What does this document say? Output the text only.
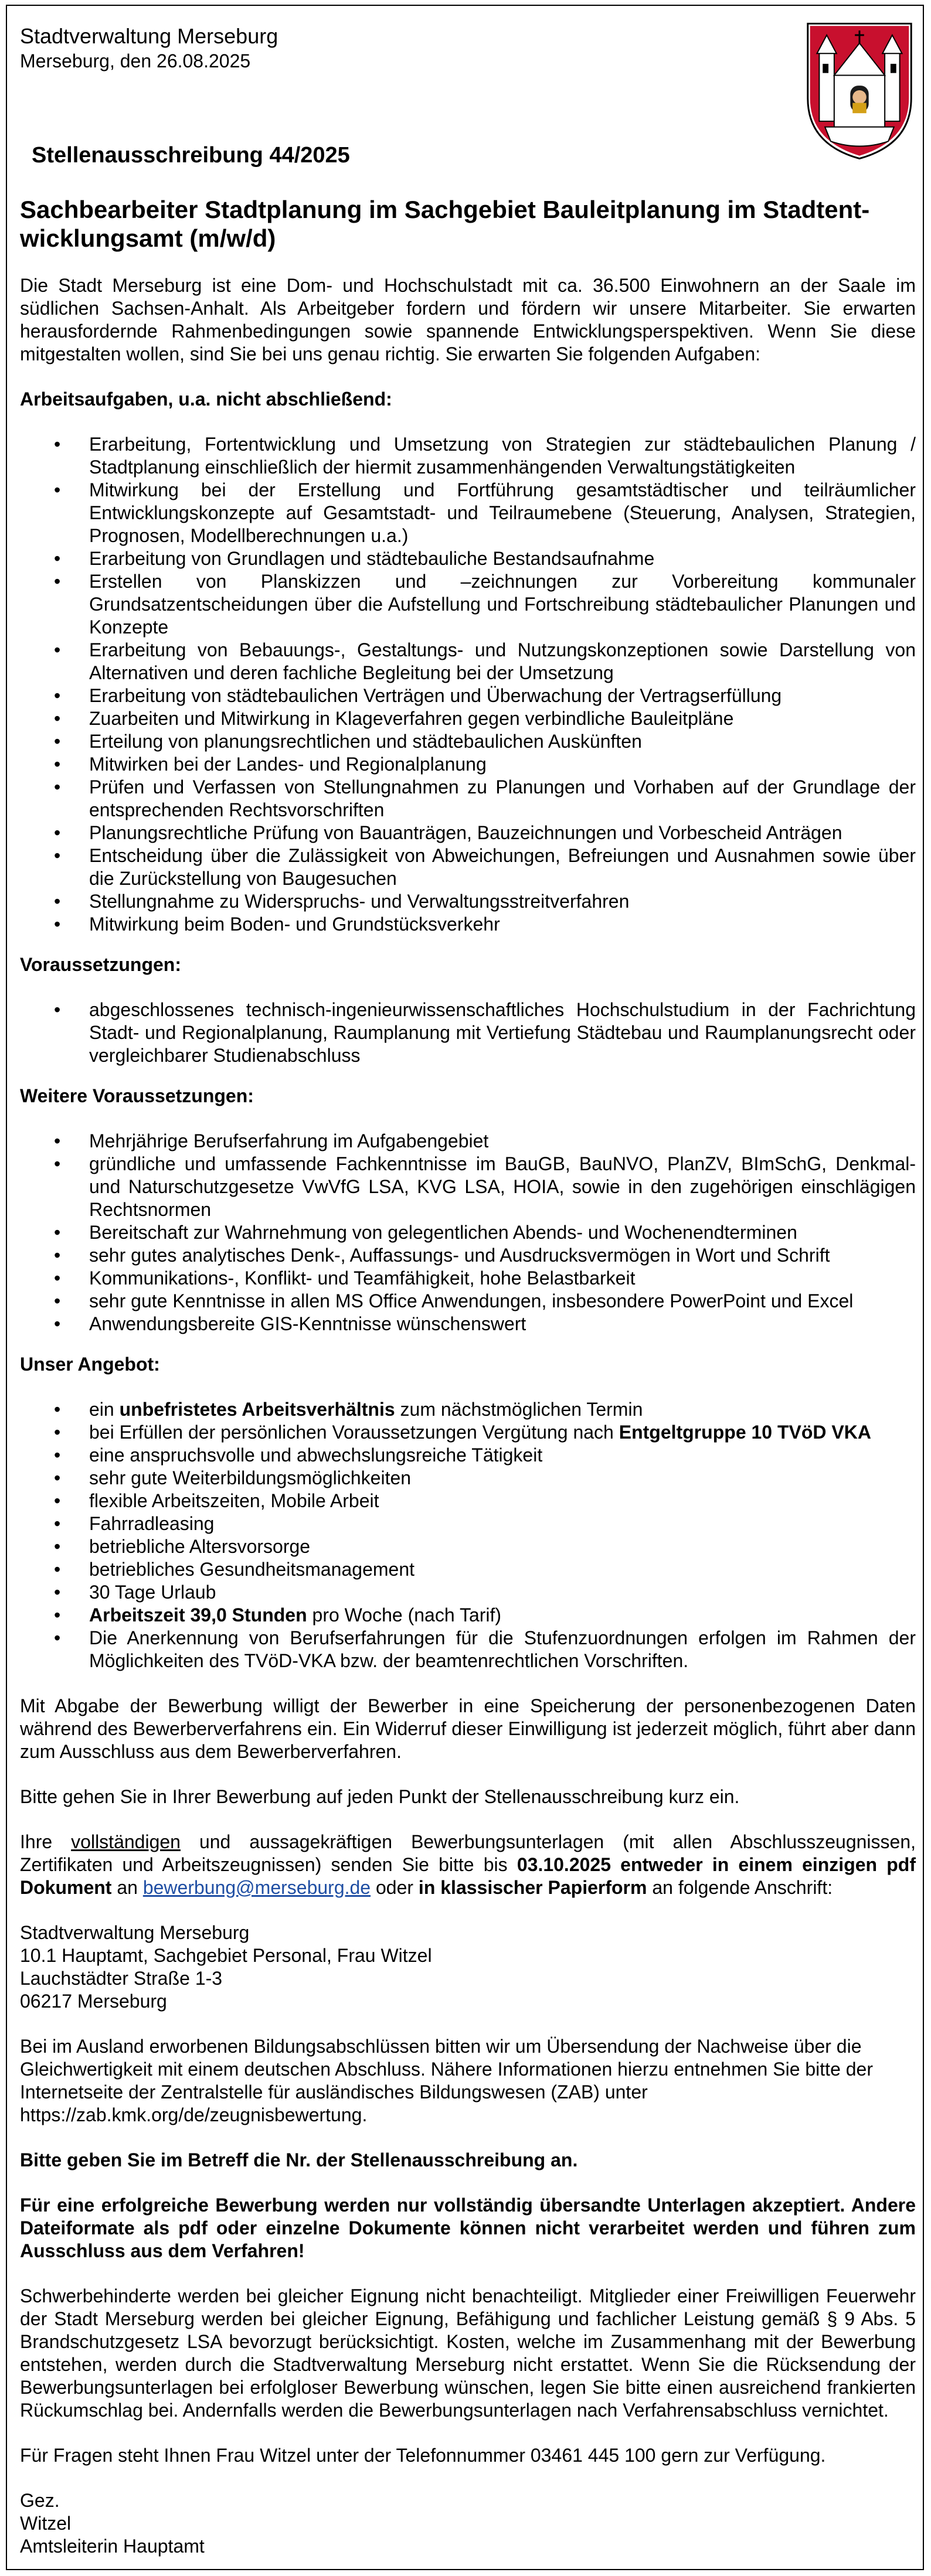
Stadtverwaltung Merseburg
Merseburg, den 26.08.2025
Stellenausschreibung 44/2025
Sachbearbeiter Stadtplanung im Sachgebiet Bauleitplanung im Stadtent-
wicklungsamt (m/w/d)
Die Stadt Merseburg ist eine Dom- und Hochschulstadt mit ca. 36.500 Einwohnern an der Saale im südlichen Sachsen-Anhalt. Als Arbeitgeber fordern und fördern wir unsere Mitarbeiter. Sie erwarten herausfordernde Rahmenbedingungen sowie spannende Entwicklungsperspektiven. Wenn Sie diese mitgestalten wollen, sind Sie bei uns genau richtig. Sie erwarten Sie folgenden Aufgaben:
Arbeitsaufgaben, u.a. nicht abschließend:
• Erarbeitung, Fortentwicklung und Umsetzung von Strategien zur städtebaulichen Planung / Stadtplanung einschließlich der hiermit zusammenhängenden Verwaltungstätigkeiten
• Mitwirkung bei der Erstellung und Fortführung gesamtstädtischer und teilräumlicher Entwicklungskonzepte auf Gesamtstadt- und Teilraumebene (Steuerung, Analysen, Strategien, Prognosen, Modellberechnungen u.a.)
• Erarbeitung von Grundlagen und städtebauliche Bestandsaufnahme
• Erstellen von Planskizzen und –zeichnungen zur Vorbereitung kommunaler Grundsatzentscheidungen über die Aufstellung und Fortschreibung städtebaulicher Planungen und Konzepte
• Erarbeitung von Bebauungs-, Gestaltungs- und Nutzungskonzeptionen sowie Darstellung von Alternativen und deren fachliche Begleitung bei der Umsetzung
• Erarbeitung von städtebaulichen Verträgen und Überwachung der Vertragserfüllung
• Zuarbeiten und Mitwirkung in Klageverfahren gegen verbindliche Bauleitpläne
• Erteilung von planungsrechtlichen und städtebaulichen Auskünften
• Mitwirken bei der Landes- und Regionalplanung
• Prüfen und Verfassen von Stellungnahmen zu Planungen und Vorhaben auf der Grundlage der entsprechenden Rechtsvorschriften
• Planungsrechtliche Prüfung von Bauanträgen, Bauzeichnungen und Vorbescheid Anträgen
• Entscheidung über die Zulässigkeit von Abweichungen, Befreiungen und Ausnahmen sowie über die Zurückstellung von Baugesuchen
• Stellungnahme zu Widerspruchs- und Verwaltungsstreitverfahren
• Mitwirkung beim Boden- und Grundstücksverkehr
Voraussetzungen:
• abgeschlossenes technisch-ingenieurwissenschaftliches Hochschulstudium in der Fachrichtung Stadt- und Regionalplanung, Raumplanung mit Vertiefung Städtebau und Raumplanungsrecht oder vergleichbarer Studienabschluss
Weitere Voraussetzungen:
• Mehrjährige Berufserfahrung im Aufgabengebiet
• gründliche und umfassende Fachkenntnisse im BauGB, BauNVO, PlanZV, BImSchG, Denkmal- und Naturschutzgesetze VwVfG LSA, KVG LSA, HOIA, sowie in den zugehörigen einschlägigen Rechtsnormen
• Bereitschaft zur Wahrnehmung von gelegentlichen Abends- und Wochenendterminen
• sehr gutes analytisches Denk-, Auffassungs- und Ausdrucksvermögen in Wort und Schrift
• Kommunikations-, Konflikt- und Teamfähigkeit, hohe Belastbarkeit
• sehr gute Kenntnisse in allen MS Office Anwendungen, insbesondere PowerPoint und Excel
• Anwendungsbereite GIS-Kenntnisse wünschenswert
Unser Angebot:
• ein unbefristetes Arbeitsverhältnis zum nächstmöglichen Termin
• bei Erfüllen der persönlichen Voraussetzungen Vergütung nach Entgeltgruppe 10 TVöD VKA
• eine anspruchsvolle und abwechslungsreiche Tätigkeit
• sehr gute Weiterbildungsmöglichkeiten
• flexible Arbeitszeiten, Mobile Arbeit
• Fahrradleasing
• betriebliche Altersvorsorge
• betriebliches Gesundheitsmanagement
• 30 Tage Urlaub
• Arbeitszeit 39,0 Stunden pro Woche (nach Tarif)
• Die Anerkennung von Berufserfahrungen für die Stufenzuordnungen erfolgen im Rahmen der Möglichkeiten des TVöD-VKA bzw. der beamtenrechtlichen Vorschriften.
Mit Abgabe der Bewerbung willigt der Bewerber in eine Speicherung der personenbezogenen Daten während des Bewerberverfahrens ein. Ein Widerruf dieser Einwilligung ist jederzeit möglich, führt aber dann zum Ausschluss aus dem Bewerberverfahren.
Bitte gehen Sie in Ihrer Bewerbung auf jeden Punkt der Stellenausschreibung kurz ein.
Ihre vollständigen und aussagekräftigen Bewerbungsunterlagen (mit allen Abschlusszeugnissen, Zertifikaten und Arbeitszeugnissen) senden Sie bitte bis 03.10.2025 entweder in einem einzigen pdf Dokument an bewerbung@merseburg.de oder in klassischer Papierform an folgende Anschrift:
Stadtverwaltung Merseburg
10.1 Hauptamt, Sachgebiet Personal, Frau Witzel
Lauchstädter Straße 1-3
06217 Merseburg
Bei im Ausland erworbenen Bildungsabschlüssen bitten wir um Übersendung der Nachweise über die Gleichwertigkeit mit einem deutschen Abschluss. Nähere Informationen hierzu entnehmen Sie bitte der Internetseite der Zentralstelle für ausländisches Bildungswesen (ZAB) unter https://zab.kmk.org/de/zeugnisbewertung.
Bitte geben Sie im Betreff die Nr. der Stellenausschreibung an.
Für eine erfolgreiche Bewerbung werden nur vollständig übersandte Unterlagen akzeptiert. Andere Dateiformate als pdf oder einzelne Dokumente können nicht verarbeitet werden und führen zum Ausschluss aus dem Verfahren!
Schwerbehinderte werden bei gleicher Eignung nicht benachteiligt. Mitglieder einer Freiwilligen Feuerwehr der Stadt Merseburg werden bei gleicher Eignung, Befähigung und fachlicher Leistung gemäß § 9 Abs. 5 Brandschutzgesetz LSA bevorzugt berücksichtigt. Kosten, welche im Zusammenhang mit der Bewerbung entstehen, werden durch die Stadtverwaltung Merseburg nicht erstattet. Wenn Sie die Rücksendung der Bewerbungsunterlagen bei erfolgloser Bewerbung wünschen, legen Sie bitte einen ausreichend frankierten Rückumschlag bei. Andernfalls werden die Bewerbungsunterlagen nach Verfahrensabschluss vernichtet.
Für Fragen steht Ihnen Frau Witzel unter der Telefonnummer 03461 445 100 gern zur Verfügung.
Gez.
Witzel
Amtsleiterin Hauptamt
